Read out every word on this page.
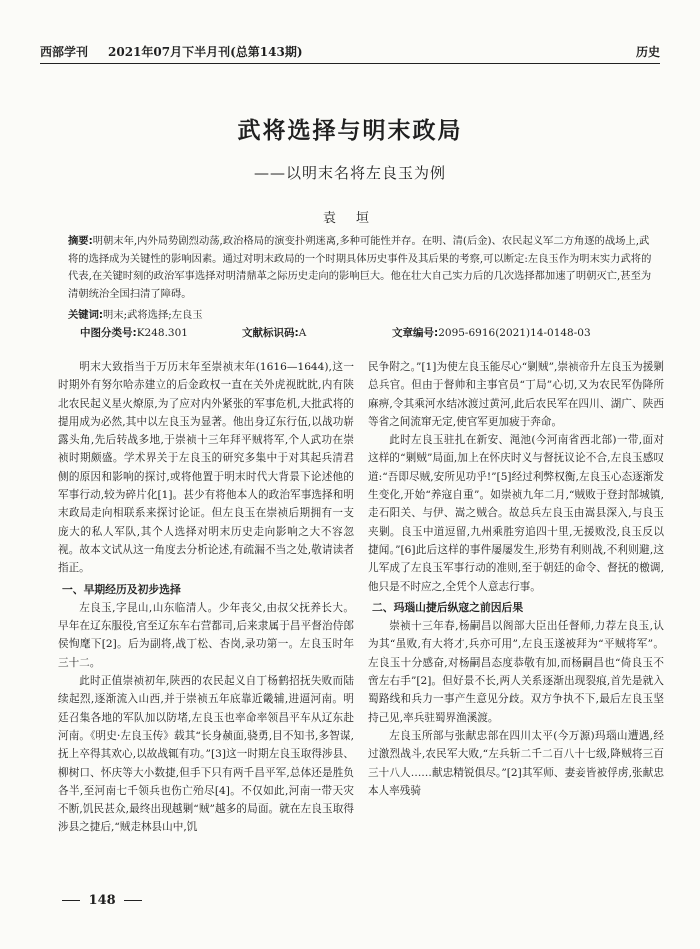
西部学刊 2021年07月下半月刊(总第143期)	历史
武将选择与明末政局
——以明末名将左良玉为例
袁 垣
摘要:明朝末年,内外局势剧烈动荡,政治格局的演变扑朔迷离,多种可能性并存。在明、清(后金)、农民起义军二方角逐的战场上,武将的选择成为关键性的影响因素。通过对明末政局的一个时期具体历史事件及其后果的考察,可以断定:左良玉作为明末实力武将的代表,在关键时刻的政治军事选择对明清鼎革之际历史走向的影响巨大。他在壮大自己实力后的几次选择都加速了明朝灭亡,甚至为清朝统治全国扫清了障碍。
关键词:明末;武将选择;左良玉
中图分类号:K248.301	文献标识码:A	文章编号:2095-6916(2021)14-0148-03

明末大致指当于万历末年至崇祯末年(1616—1644),这一时期外有努尔哈赤建立的后金政权一直在关外虎视眈眈,内有陕北农民起义星火燎原,为了应对内外紧张的军事危机,大批武将的提用成为必然,其中以左良玉为显著。他出身辽东行伍,以战功崭露头角,先后转战多地,于崇祯十三年拜平贼将军,个人武功在崇祯时期颇盛。学术界关于左良玉的研究多集中于对其起兵清君侧的原因和影响的探讨,或将他置于明末时代大背景下论述他的军事行动,较为碎片化[1]。甚少有将他本人的政治军事选择和明末政局走向相联系来探讨论证。但左良玉在崇祯后期拥有一支庞大的私人军队,其个人选择对明末历史走向影响之大不容忽视。故本文试从这一角度去分析论述,有疏漏不当之处,敬请读者指正。

一、早期经历及初步选择

左良玉,字昆山,山东临清人。少年丧父,由叔父抚养长大。早年在辽东服役,官至辽东车右营都司,后来隶属于昌平督治侍郎侯恂麾下[2]。后为副将,战丁松、杏岗,录功第一。左良玉时年三十二。

此时正值崇祯初年,陕西的农民起义自丁杨鹤招抚失败而陆续起烈,逐渐流入山西,并于崇祯五年底靠近畿辅,进逼河南。明廷召集各地的军队加以防堵,左良玉也率命率领昌平车从辽东赴河南。《明史·左良玉传》载其“长身赪面,骁勇,目不知书,多智谋,抚上卒得其欢心,以故战辄有功。”[3]这一时期左良玉取得涉县、柳树口、怀庆等大小数捷,但手下只有两千昌平军,总体还是胜负各半,至河南七千领兵也伤亡殆尽[4]。不仅如此,河南一带天灾不断,饥民甚众,最终出现越剿“贼”越多的局面。就在左良玉取得涉县之捷后,“贼走林县山中,饥

民争附之。”[1]为使左良玉能尽心“剿贼”,崇祯帝升左良玉为援剿总兵官。但由于督帅和主事官员“丁局”心切,又为农民军伪降所麻痹,令其乘河水结冰渡过黄河,此后农民军在四川、湖广、陕西等省之间流窜无定,使官军更加疲于奔命。

此时左良玉驻扎在新安、渑池(今河南省西北部)一带,面对这样的“剿贼”局面,加上在怀庆时义与督抚议论不合,左良玉感叹道:“吾即尽贼,安所见功乎!”[5]经过利弊权衡,左良玉心态逐渐发生变化,开始“养寇自重”。如崇祯九年二月,“贼败于登封郜城镇,走石阳关、与伊、嵩之贼合。故总兵左良玉由嵩县深入,与良玉夹剿。良玉中道逗留,九州乘胜穷追四十里,无援败没,良玉反以捷闻。”[6]此后这样的事件屡屡发生,形势有利则战,不利则避,这儿军成了左良玉军事行动的准则,至于朝廷的命令、督抚的檄调,他只是不时应之,全凭个人意志行事。

二、玛瑙山捷后纵寇之前因后果

崇祯十三年春,杨嗣昌以阁部大臣出任督师,力荐左良玉,认为其“虽败,有大将才,兵亦可用”,左良玉遂被拜为“平贼将军”。左良玉十分感奋,对杨嗣昌态度恭敬有加,而杨嗣昌也“倚良玉不啻左右手”[2]。但好景不长,两人关系逐渐出现裂痕,首先是就入蜀路线和兵力一事产生意见分歧。双方争执不下,最后左良玉坚持己见,率兵驻蜀界渔溪渡。

左良玉所部与张献忠部在四川太平(今万源)玛瑙山遭遇,经过激烈战斗,农民军大败,“左兵斩二千二百八十七级,降贼将三百三十八人……献忠精锐俱尽。”[2]其军师、妻妾皆被俘虏,张献忠本人率残骑

148
